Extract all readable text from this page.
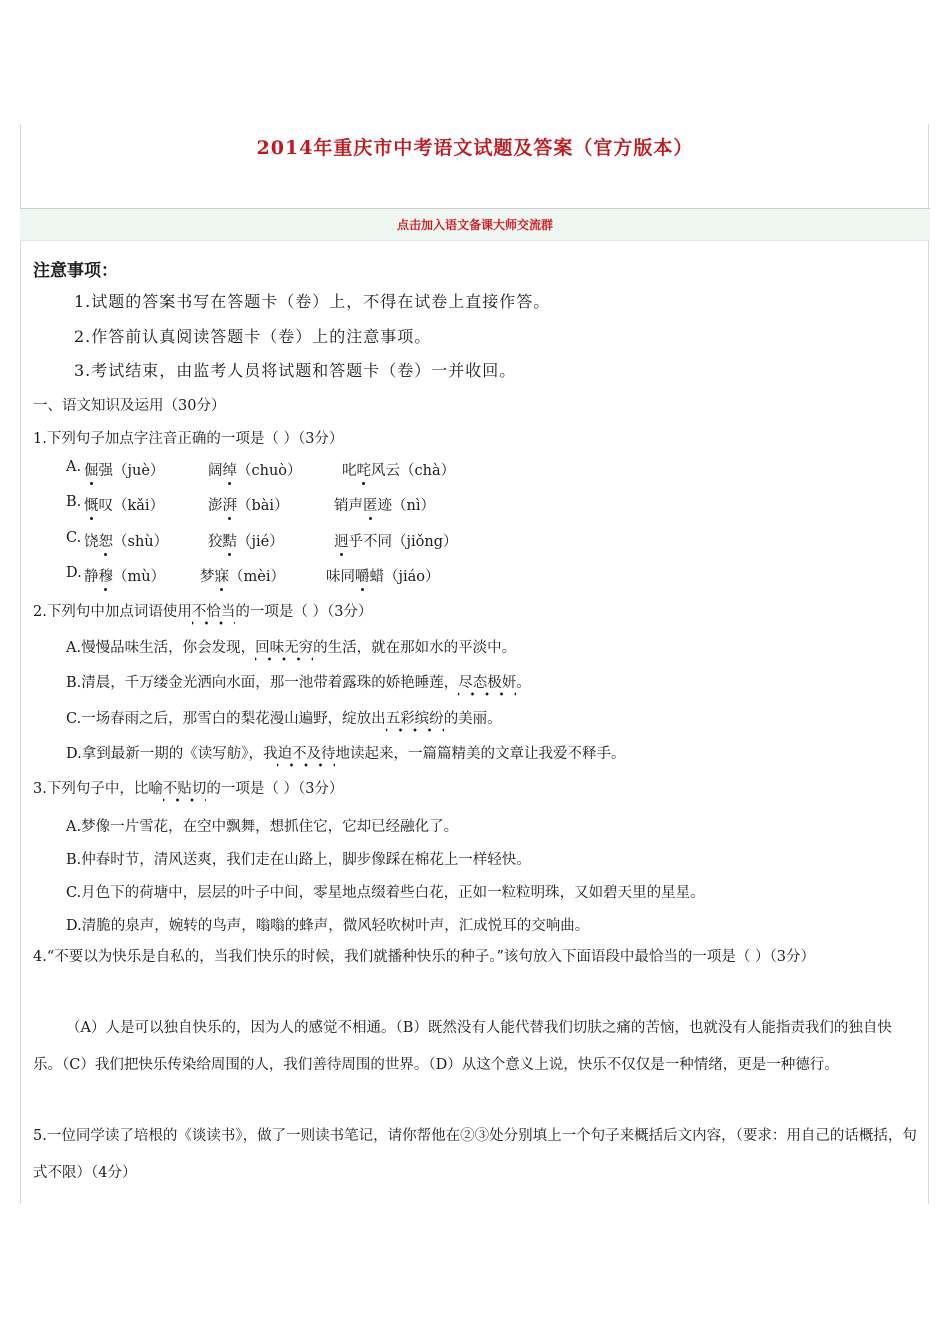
2014年重庆市中考语文试题及答案（官方版本）
点击加入语文备课大师交流群
注意事项：
1.试题的答案书写在答题卡（卷）上，不得在试卷上直接作答。
2.作答前认真阅读答题卡（卷）上的注意事项。
3.考试结束，由监考人员将试题和答题卡（卷）一并收回。
一、语文知识及运用（30分）
1.下列句子加点字注音正确的一项是（ ）（3分）
A. 倔强（juè）	阔绰（chuò）	叱咤风云（chà）
B. 慨叹（kǎi）	澎湃（bài）	销声匿迹（nì）
C. 饶恕（shù）	狡黠（jié）	迥乎不同（jiǒng）
D. 静穆（mù） 梦寐（mèi）	味同嚼蜡（jiáo）
2.下列句中加点词语使用不恰当的一项是（ ）（3分）
A.慢慢品味生活，你会发现，回味无穷的生活，就在那如水的平淡中。
B.清晨，千万缕金光洒向水面，那一池带着露珠的娇艳睡莲，尽态极妍。
C.一场春雨之后，那雪白的梨花漫山遍野，绽放出五彩缤纷的美丽。
D.拿到最新一期的《读写舫》，我迫不及待地读起来，一篇篇精美的文章让我爱不释手。
3.下列句子中，比喻不贴切的一项是（ ）（3分）
A.梦像一片雪花，在空中飘舞，想抓住它，它却已经融化了。
B.仲春时节，清风送爽，我们走在山路上，脚步像踩在棉花上一样轻快。
C.月色下的荷塘中，层层的叶子中间，零星地点缀着些白花，正如一粒粒明珠，又如碧天里的星星。
D.清脆的泉声，婉转的鸟声，嗡嗡的蜂声，微风轻吹树叶声，汇成悦耳的交响曲。
4.“不要以为快乐是自私的，当我们快乐的时候，我们就播种快乐的种子。”该句放入下面语段中最恰当的一项是（ ）（3分）
（A）人是可以独自快乐的，因为人的感觉不相通。（B）既然没有人能代替我们切肤之痛的苦恼，也就没有人能指责我们的独自快乐。（C）我们把快乐传染给周围的人，我们善待周围的世界。（D）从这个意义上说，快乐不仅仅是一种情绪，更是一种德行。
5.一位同学读了培根的《谈读书》，做了一则读书笔记，请你帮他在②③处分别填上一个句子来概括后文内容，（要求：用自己的话概括，句式不限）（4分）
